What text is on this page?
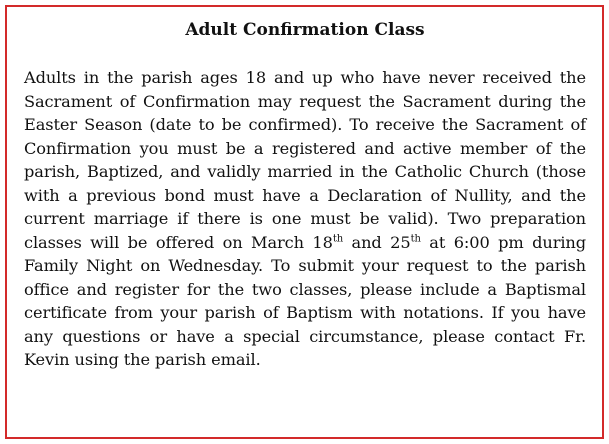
Adult Confirmation Class

Adults in the parish ages 18 and up who have never received the Sacrament of Confirmation may request the Sacrament during the Easter Season (date to be confirmed). To receive the Sacrament of Confirmation you must be a registered and active member of the parish, Baptized, and validly married in the Catholic Church (those with a previous bond must have a Declaration of Nullity, and the current marriage if there is one must be valid). Two preparation classes will be offered on March 18th and 25th at 6:00 pm during Family Night on Wednesday. To submit your request to the parish office and register for the two classes, please include a Baptismal certificate from your parish of Baptism with notations. If you have any questions or have a special circumstance, please contact Fr. Kevin using the parish email.
